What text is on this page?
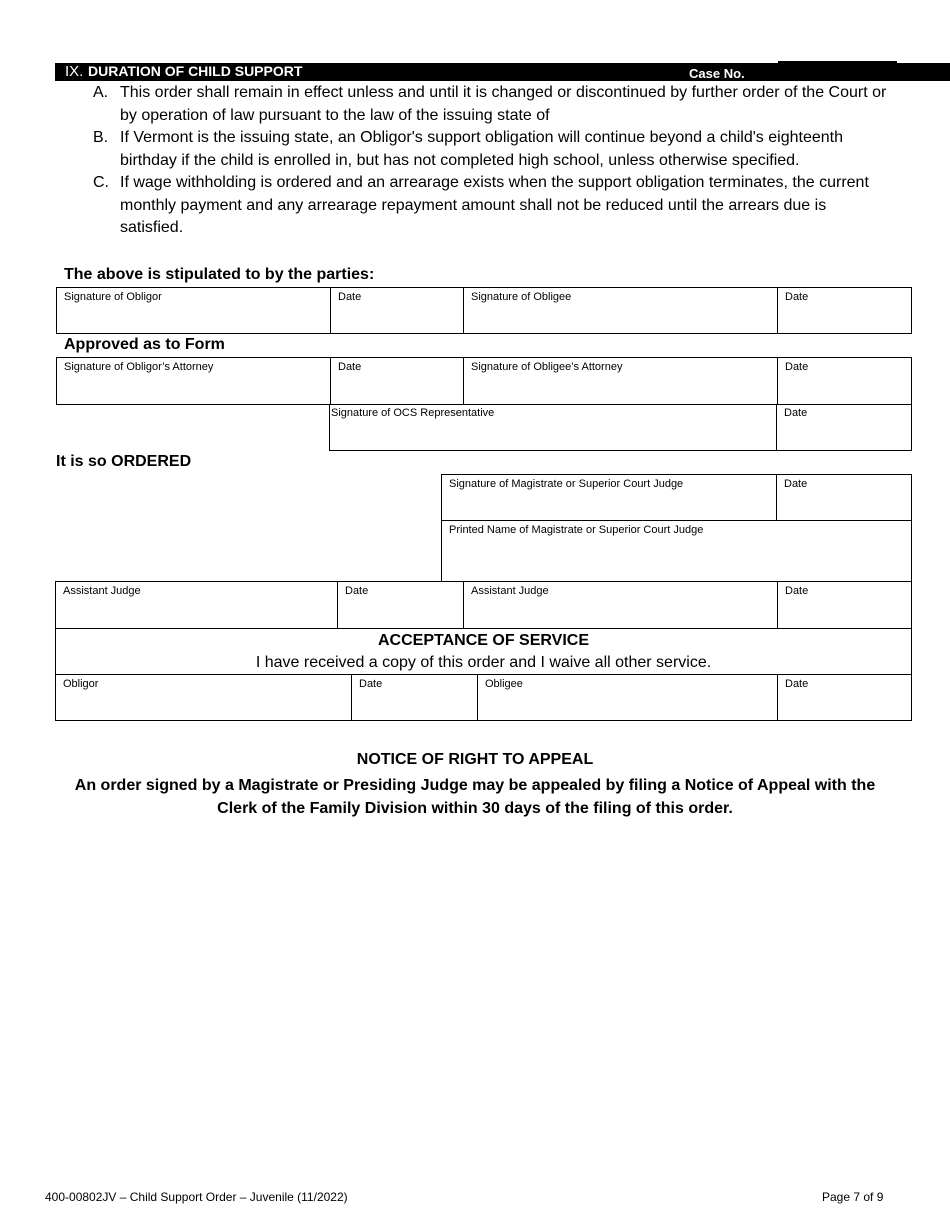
IX. DURATION OF CHILD SUPPORT	Case No.

A. This order shall remain in effect unless and until it is changed or discontinued by further order of the Court or by operation of law pursuant to the law of the issuing state of

B. If Vermont is the issuing state, an Obligor's support obligation will continue beyond a child's eighteenth birthday if the child is enrolled in, but has not completed high school, unless otherwise specified.

C. If wage withholding is ordered and an arrearage exists when the support obligation terminates, the current monthly payment and any arrearage repayment amount shall not be reduced until the arrears due is satisfied.

The above is stipulated to by the parties:
Signature of Obligor	Date	Signature of Obligee	Date
Approved as to Form
Signature of Obligor’s Attorney	Date	Signature of Obligee’s Attorney	Date
Signature of OCS Representative	Date
It is so ORDERED
Signature of Magistrate or Superior Court Judge	Date
Printed Name of Magistrate or Superior Court Judge
Assistant Judge	Date	Assistant Judge	Date
ACCEPTANCE OF SERVICE
I have received a copy of this order and I waive all other service.
Obligor	Date	Obligee	Date
NOTICE OF RIGHT TO APPEAL
An order signed by a Magistrate or Presiding Judge may be appealed by filing a Notice of Appeal with the Clerk of the Family Division within 30 days of the filing of this order.
400-00802JV – Child Support Order – Juvenile (11/2022)	Page 7 of 9
